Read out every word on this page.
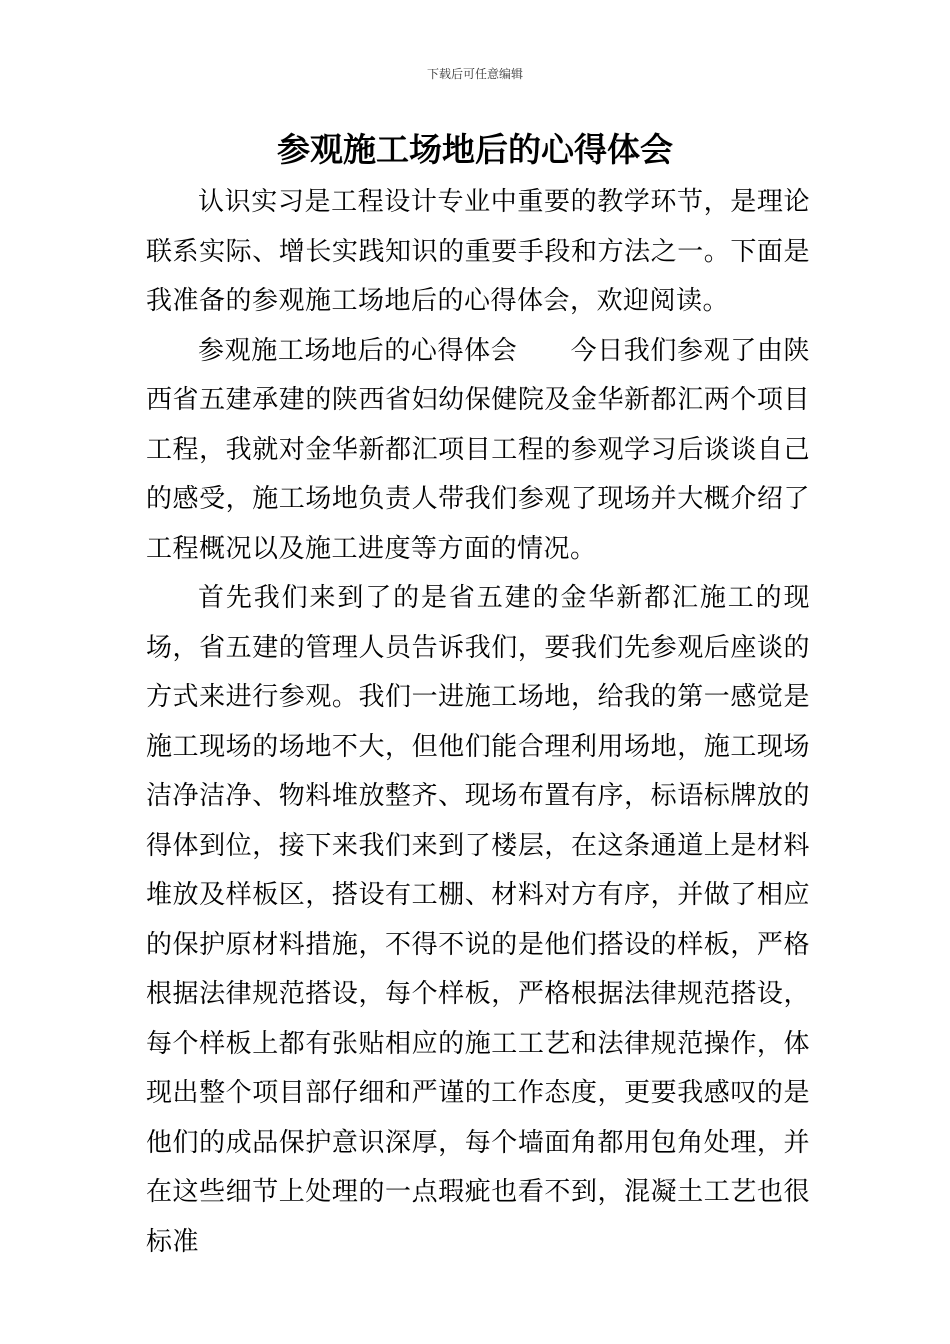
下载后可任意编辑
参观施工场地后的心得体会

认识实习是工程设计专业中重要的教学环节，是理论联系实际、增长实践知识的重要手段和方法之一。下面是我准备的参观施工场地后的心得体会，欢迎阅读。

参观施工场地后的心得体会　　今日我们参观了由陕西省五建承建的陕西省妇幼保健院及金华新都汇两个项目工程，我就对金华新都汇项目工程的参观学习后谈谈自己的感受，施工场地负责人带我们参观了现场并大概介绍了工程概况以及施工进度等方面的情况。

首先我们来到了的是省五建的金华新都汇施工的现场，省五建的管理人员告诉我们，要我们先参观后座谈的方式来进行参观。我们一进施工场地，给我的第一感觉是施工现场的场地不大，但他们能合理利用场地，施工现场洁净洁净、物料堆放整齐、现场布置有序，标语标牌放的得体到位，接下来我们来到了楼层，在这条通道上是材料堆放及样板区，搭设有工棚、材料对方有序，并做了相应的保护原材料措施，不得不说的是他们搭设的样板，严格根据法律规范搭设，每个样板，严格根据法律规范搭设，每个样板上都有张贴相应的施工工艺和法律规范操作，体现出整个项目部仔细和严谨的工作态度，更要我感叹的是他们的成品保护意识深厚，每个墙面角都用包角处理，并在这些细节上处理的一点瑕疵也看不到，混凝土工艺也很标准
